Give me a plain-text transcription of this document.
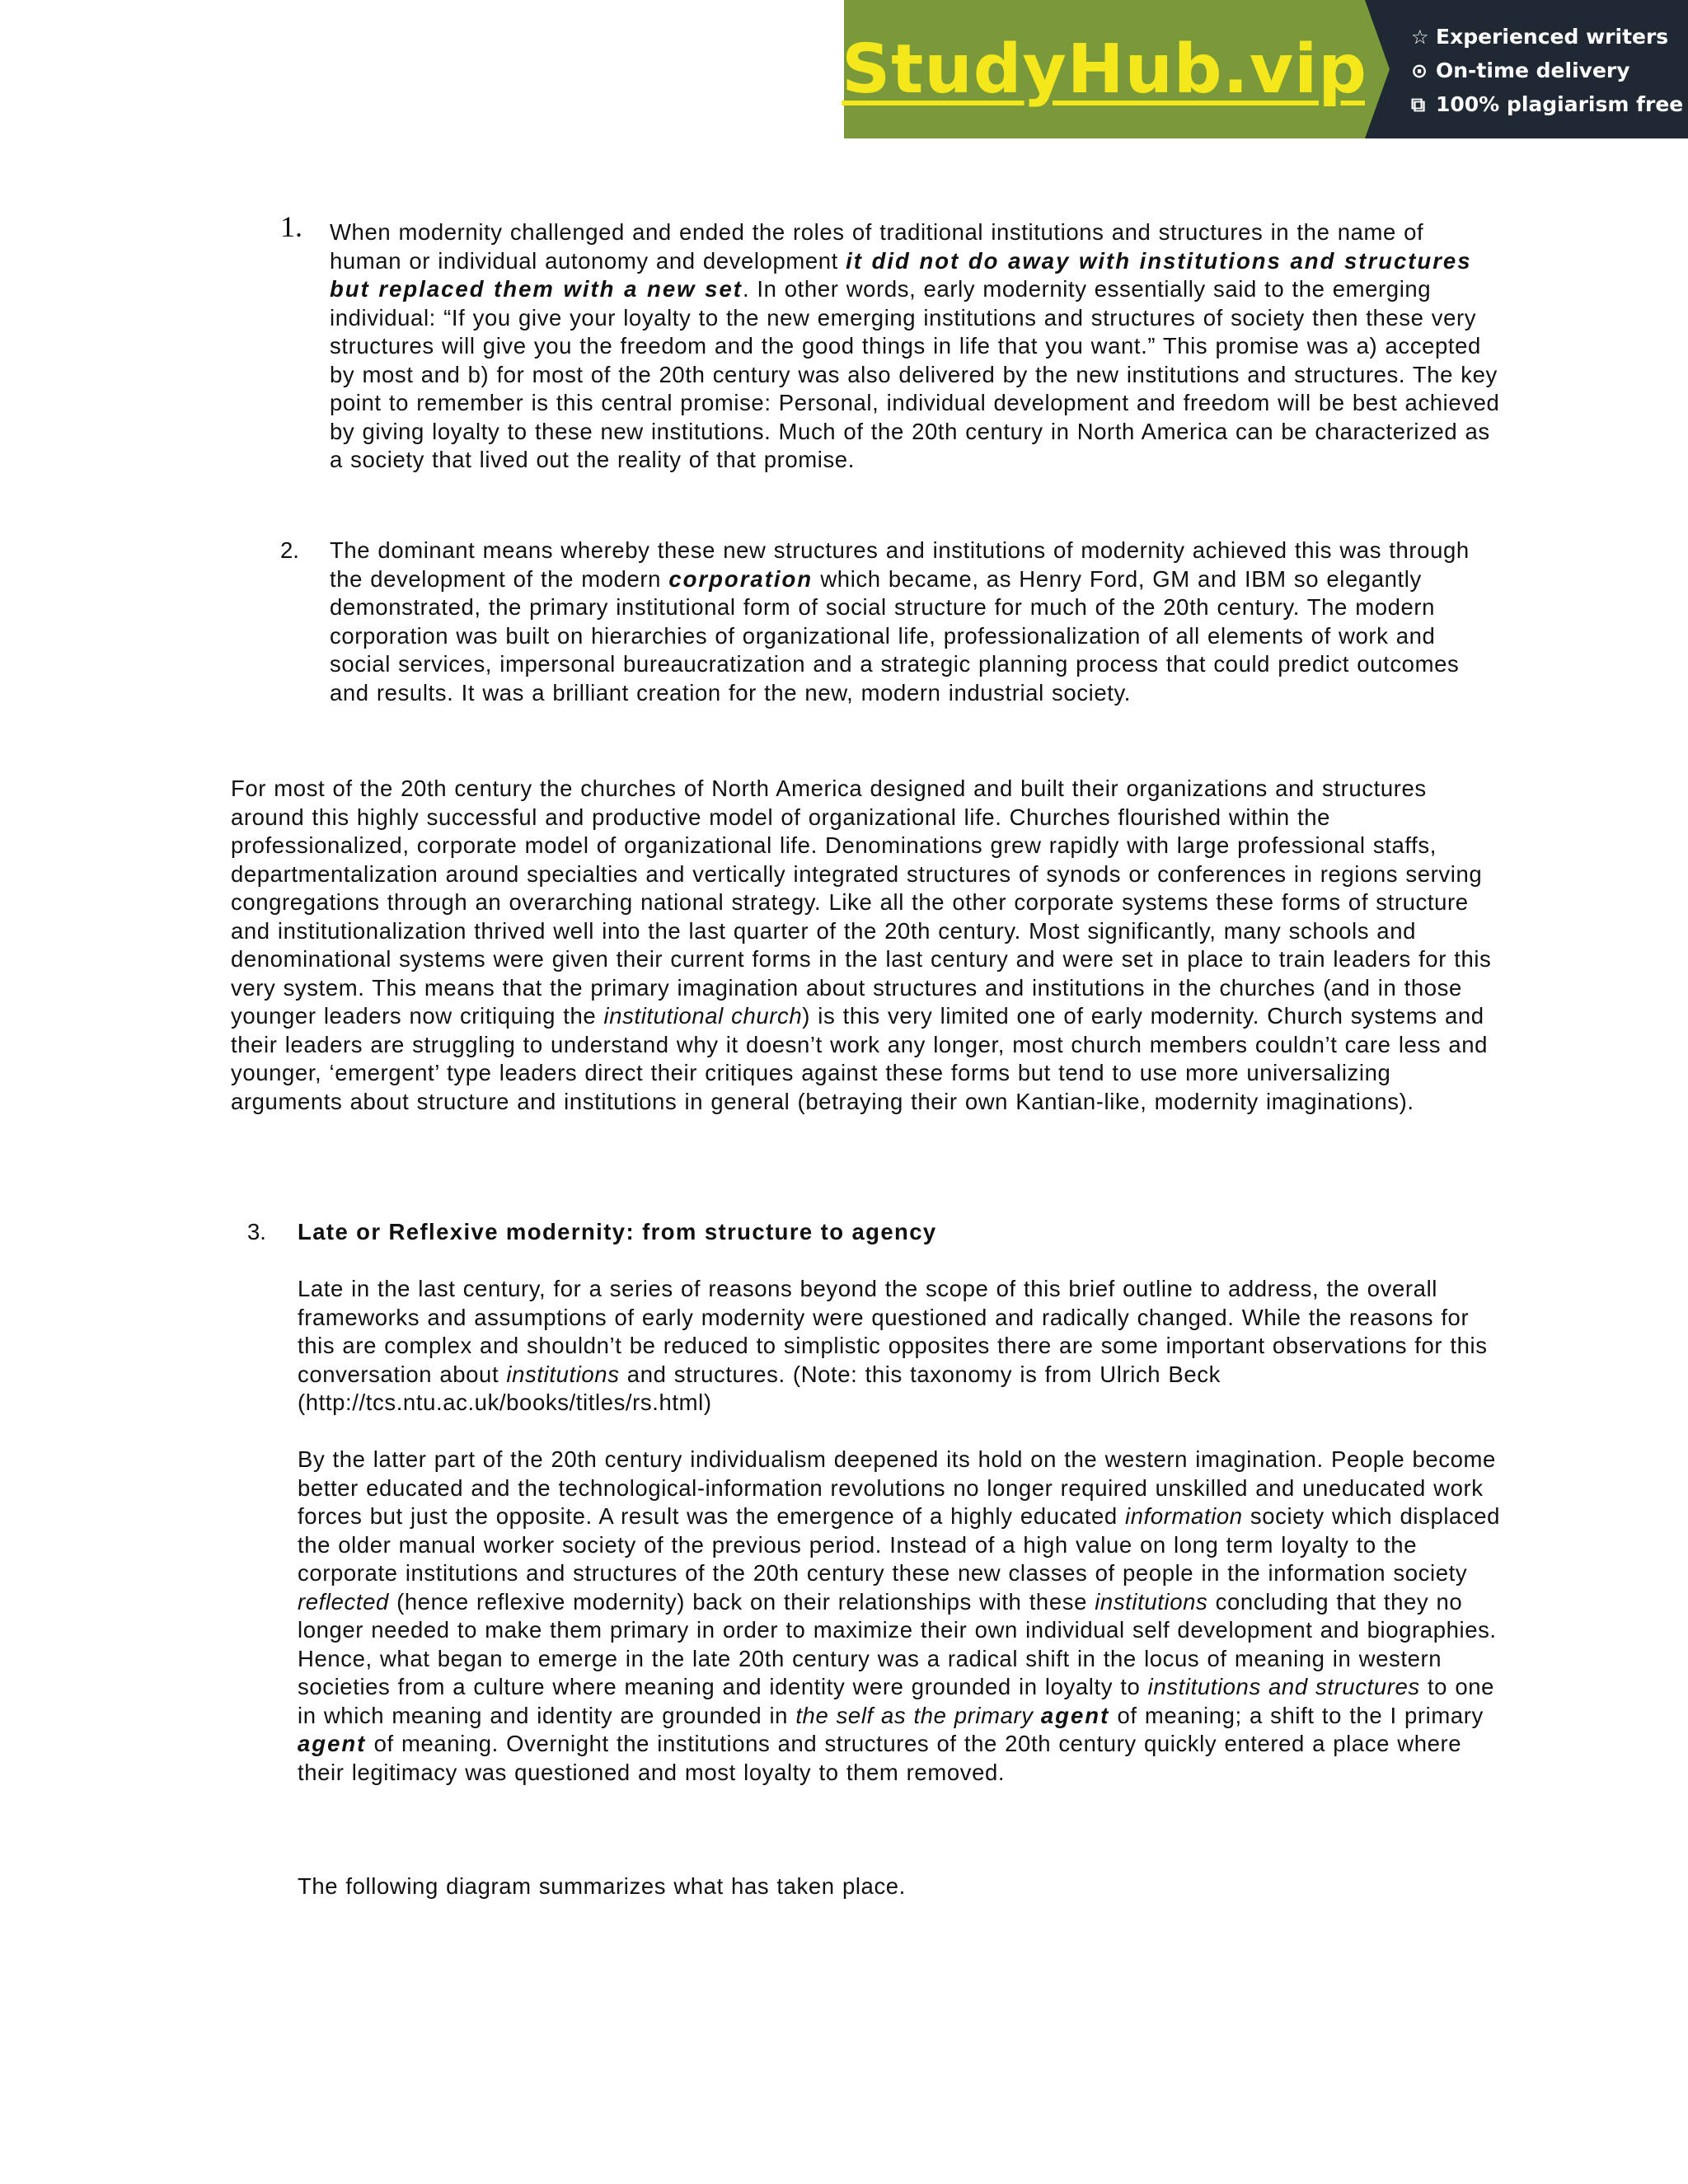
StudyHub.vip ☆ Experienced writers
⊙ On-time delivery
⧉ 100% plagiarism free
1. When modernity challenged and ended the roles of traditional institutions and structures in the name of human or individual autonomy and development it did not do away with institutions and structures but replaced them with a new set. In other words, early modernity essentially said to the emerging individual: “If you give your loyalty to the new emerging institutions and structures of society then these very structures will give you the freedom and the good things in life that you want.” This promise was a) accepted by most and b) for most of the 20th century was also delivered by the new institutions and structures. The key point to remember is this central promise: Personal, individual development and freedom will be best achieved by giving loyalty to these new institutions. Much of the 20th century in North America can be characterized as a society that lived out the reality of that promise.

2. The dominant means whereby these new structures and institutions of modernity achieved this was through the development of the modern corporation which became, as Henry Ford, GM and IBM so elegantly demonstrated, the primary institutional form of social structure for much of the 20th century. The modern corporation was built on hierarchies of organizational life, professionalization of all elements of work and social services, impersonal bureaucratization and a strategic planning process that could predict outcomes and results. It was a brilliant creation for the new, modern industrial society.

For most of the 20th century the churches of North America designed and built their organizations and structures around this highly successful and productive model of organizational life. Churches flourished within the professionalized, corporate model of organizational life. Denominations grew rapidly with large professional staffs, departmentalization around specialties and vertically integrated structures of synods or conferences in regions serving congregations through an overarching national strategy. Like all the other corporate systems these forms of structure and institutionalization thrived well into the last quarter of the 20th century. Most significantly, many schools and denominational systems were given their current forms in the last century and were set in place to train leaders for this very system. This means that the primary imagination about structures and institutions in the churches (and in those younger leaders now critiquing the institutional church) is this very limited one of early modernity. Church systems and their leaders are struggling to understand why it doesn’t work any longer, most church members couldn’t care less and younger, ‘emergent’ type leaders direct their critiques against these forms but tend to use more universalizing arguments about structure and institutions in general (betraying their own Kantian-like, modernity imaginations).

3. Late or Reflexive modernity: from structure to agency

Late in the last century, for a series of reasons beyond the scope of this brief outline to address, the overall frameworks and assumptions of early modernity were questioned and radically changed. While the reasons for this are complex and shouldn’t be reduced to simplistic opposites there are some important observations for this conversation about institutions and structures. (Note: this taxonomy is from Ulrich Beck (http://tcs.ntu.ac.uk/books/titles/rs.html)

By the latter part of the 20th century individualism deepened its hold on the western imagination. People become better educated and the technological-information revolutions no longer required unskilled and uneducated work forces but just the opposite. A result was the emergence of a highly educated information society which displaced the older manual worker society of the previous period. Instead of a high value on long term loyalty to the corporate institutions and structures of the 20th century these new classes of people in the information society reflected (hence reflexive modernity) back on their relationships with these institutions concluding that they no longer needed to make them primary in order to maximize their own individual self development and biographies. Hence, what began to emerge in the late 20th century was a radical shift in the locus of meaning in western societies from a culture where meaning and identity were grounded in loyalty to institutions and structures to one in which meaning and identity are grounded in the self as the primary agent of meaning; a shift to the I primary agent of meaning. Overnight the institutions and structures of the 20th century quickly entered a place where their legitimacy was questioned and most loyalty to them removed.

The following diagram summarizes what has taken place.
